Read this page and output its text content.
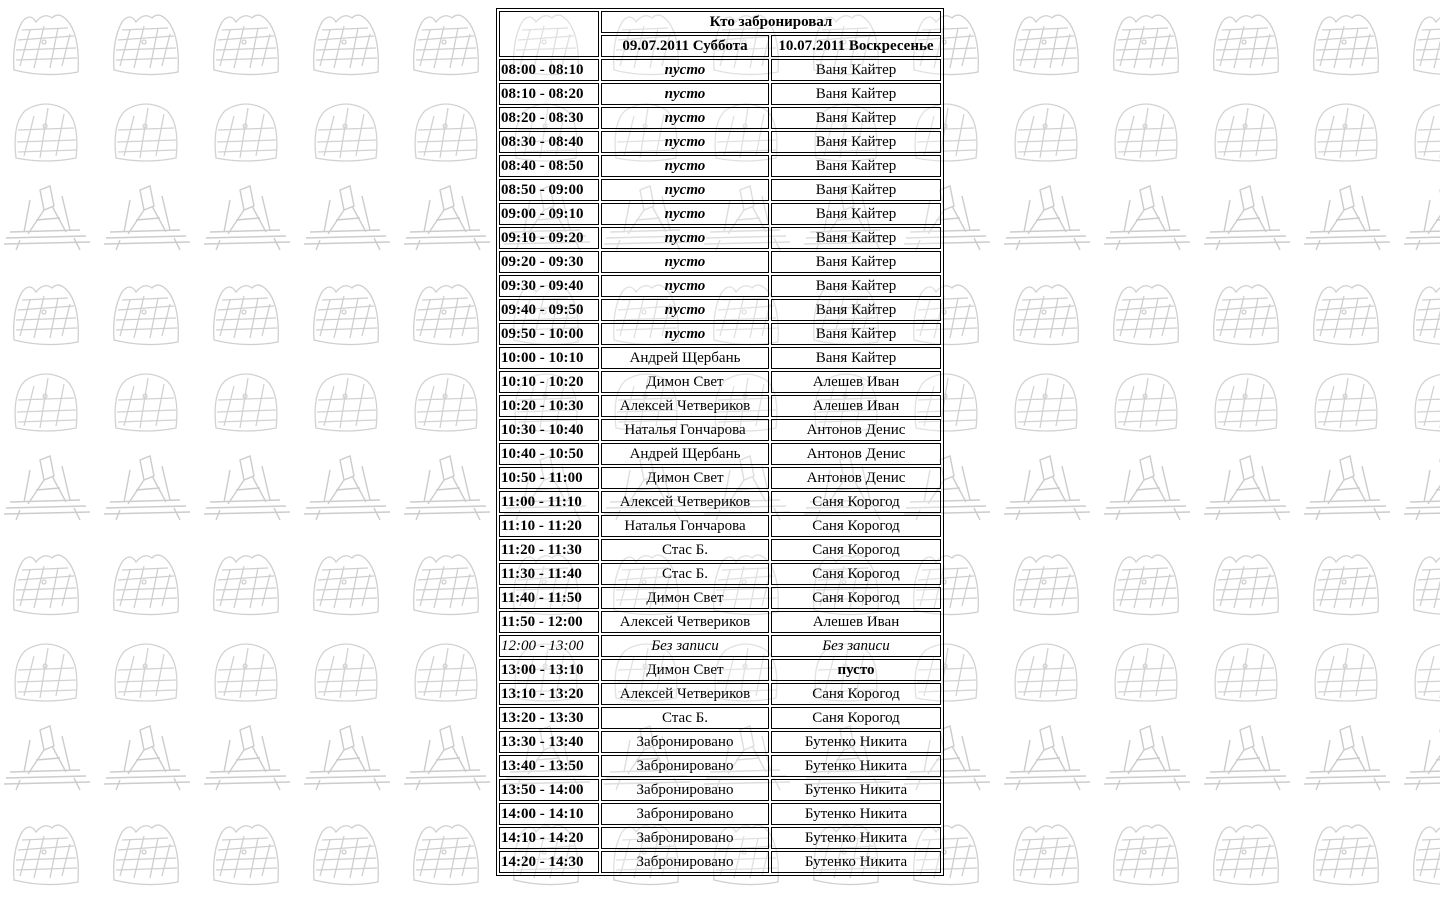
	Кто забронировал	
	09.07.2011 Суббота	10.07.2011 Воскресенье
08:00 - 08:10	пусто	Ваня Кайтер
08:10 - 08:20	пусто	Ваня Кайтер
08:20 - 08:30	пусто	Ваня Кайтер
08:30 - 08:40	пусто	Ваня Кайтер
08:40 - 08:50	пусто	Ваня Кайтер
08:50 - 09:00	пусто	Ваня Кайтер
09:00 - 09:10	пусто	Ваня Кайтер
09:10 - 09:20	пусто	Ваня Кайтер
09:20 - 09:30	пусто	Ваня Кайтер
09:30 - 09:40	пусто	Ваня Кайтер
09:40 - 09:50	пусто	Ваня Кайтер
09:50 - 10:00	пусто	Ваня Кайтер
10:00 - 10:10	Андрей Щербань	Ваня Кайтер
10:10 - 10:20	Димон Свет	Алешев Иван
10:20 - 10:30	Алексей Четвериков	Алешев Иван
10:30 - 10:40	Наталья Гончарова	Антонов Денис
10:40 - 10:50	Андрей Щербань	Антонов Денис
10:50 - 11:00	Димон Свет	Антонов Денис
11:00 - 11:10	Алексей Четвериков	Саня Корогод
11:10 - 11:20	Наталья Гончарова	Саня Корогод
11:20 - 11:30	Стас Б.	Саня Корогод
11:30 - 11:40	Стас Б.	Саня Корогод
11:40 - 11:50	Димон Свет	Саня Корогод
11:50 - 12:00	Алексей Четвериков	Алешев Иван
12:00 - 13:00	Без записи	Без записи
13:00 - 13:10	Димон Свет	пусто
13:10 - 13:20	Алексей Четвериков	Саня Корогод
13:20 - 13:30	Стас Б.	Саня Корогод
13:30 - 13:40	Забронировано	Бутенко Никита
13:40 - 13:50	Забронировано	Бутенко Никита
13:50 - 14:00	Забронировано	Бутенко Никита
14:00 - 14:10	Забронировано	Бутенко Никита
14:10 - 14:20	Забронировано	Бутенко Никита
14:20 - 14:30	Забронировано	Бутенко Никита
